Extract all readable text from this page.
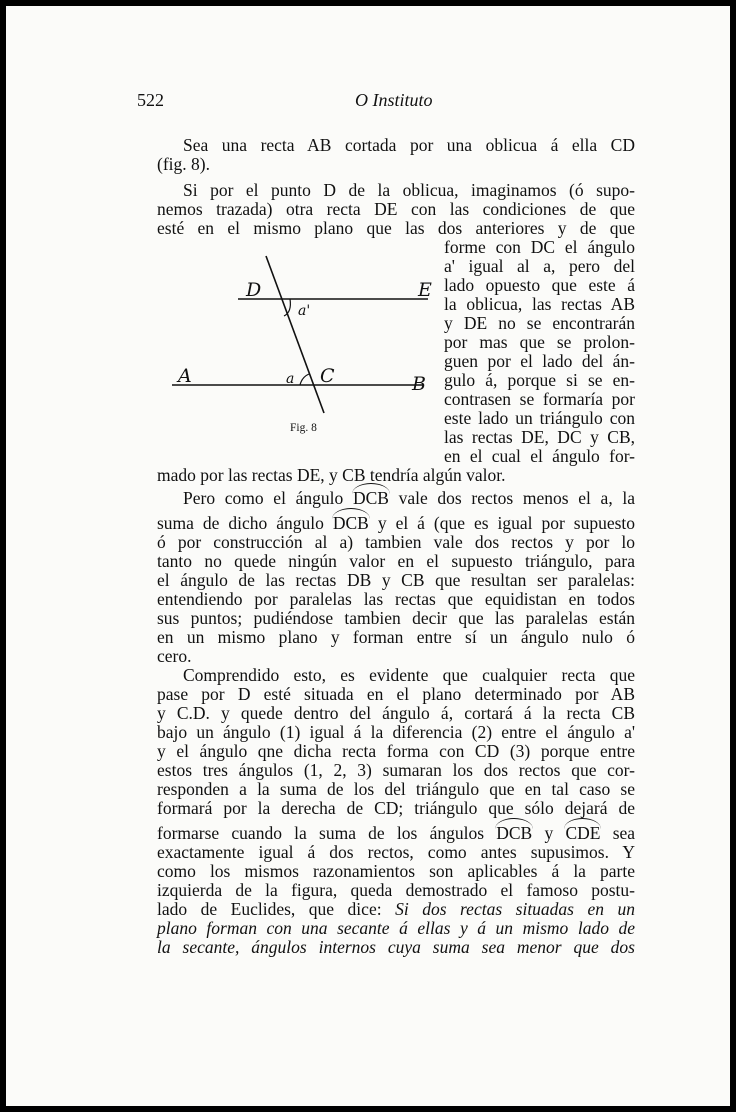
522	O Instituto
Sea una recta AB cortada por una oblicua á ella CD
(fig. 8).
Si por el punto D de la oblicua, imaginamos (ó supo-
nemos trazada) otra recta DE con las condiciones de que
esté en el mismo plano que las dos anteriores y de que
forme con DC el ángulo
a' igual al a, pero del
lado opuesto que este á
la oblicua, las rectas AB
y DE no se encontrarán
por mas que se prolon-
guen por el lado del án-
gulo á, porque si se en-
contrasen se formaría por
este lado un triángulo con
las rectas DE, DC y CB,
en el cual el ángulo for-
mado por las rectas DE, y CB tendría algún valor.
D	E
A	B
C
a'
a
Fig. 8
Pero como el ángulo DCB vale dos rectos menos el a, la
suma de dicho ángulo DCB y el á (que es igual por supuesto
ó por construcción al a) tambien vale dos rectos y por lo
tanto no quede ningún valor en el supuesto triángulo, para
el ángulo de las rectas DB y CB que resultan ser paralelas:
entendiendo por paralelas las rectas que equidistan en todos
sus puntos; pudiéndose tambien decir que las paralelas están
en un mismo plano y forman entre sí un ángulo nulo ó
cero.
Comprendido esto, es evidente que cualquier recta que
pase por D esté situada en el plano determinado por AB
y C.D. y quede dentro del ángulo á, cortará á la recta CB
bajo un ángulo (1) igual á la diferencia (2) entre el ángulo a'
y el ángulo qne dicha recta forma con CD (3) porque entre
estos tres ángulos (1, 2, 3) sumaran los dos rectos que cor-
responden a la suma de los del triángulo que en tal caso se
formará por la derecha de CD; triángulo que sólo dejará de
formarse cuando la suma de los ángulos DCB y CDE sea
exactamente igual á dos rectos, como antes supusimos. Y
como los mismos razonamientos son aplicables á la parte
izquierda de la figura, queda demostrado el famoso postu-
lado de Euclides, que dice: Si dos rectas situadas en un
plano forman con una secante á ellas y á un mismo lado de
la secante, ángulos internos cuya suma sea menor que dos
